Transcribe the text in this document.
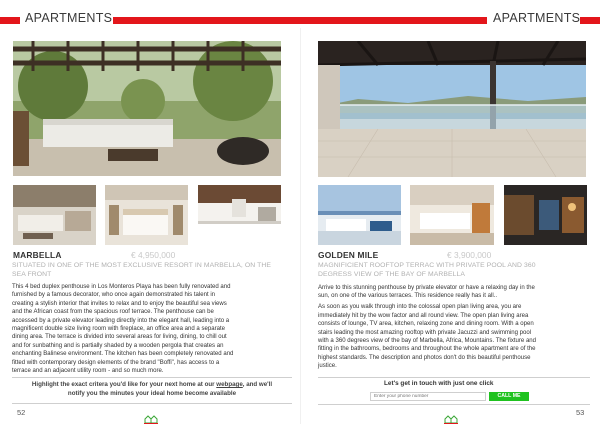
APARTMENTS	APARTMENTS
MARBELLA	€ 4,950,000
SITUATED IN ONE OF THE MOST EXCLUSIVE RESORT IN MARBELLA, ON THE
SEA FRONT
This 4 bed duplex penthouse in Los Monteros Playa has been fully renovated and
furnished by a famous decorator, who once again demonstrated his talent in
creating a stylish interior that invites to relax and to enjoy the beautiful sea views
and the African coast from the spacious roof terrace. The penthouse can be
accessed by a private elevator leading directly into the elegant hall, leading into a
magnificent double size living room with fireplace, an office area and a separate
dining area. The terrace is divided into several areas for living, dining, to chill out
and for sunbathing and is partially shaded by a wooden pergola that creates an
enchanting Balinese environment. The kitchen has been completely renovated and
fitted with contemporary design elements of the brand "Boffi", has access to a
terrace and an adjacent utility room - and so much more.
Highlight the exact critera you'd like for your next home at our webpage, and we'll
notify you the minutes your ideal home become available
52
GOLDEN MILE	€ 3,900,000
MAGNIFICIENT ROOFTOP TERRAC WITH PRIVATE POOL AND 360
DEGRESS VIEW OF THE BAY OF MARBELLA
Arrive to this stunning penthouse by private elevator or have a relaxing day in the
sun, on one of the various terraces. This residence really has it all..
As soon as you walk through into the colossal open plan living area, you are
immediately hit by the wow factor and all round view. The open plan living area
consists of lounge, TV area, kitchen, relaxing zone and dining room. With a open
stairs leading the most amazing rooftop with private Jacuzzi and swimming pool
with a 360 degrees view of the bay of Marbella, Africa, Mountains. The fixture and
fitting in the bathrooms, bedrooms and throughout the whole apartment are of the
highest standards. The description and photos don't do this beautiful penthouse
justice.
Let's get in touch with just one click
Enter your phone number
CALL ME
53
